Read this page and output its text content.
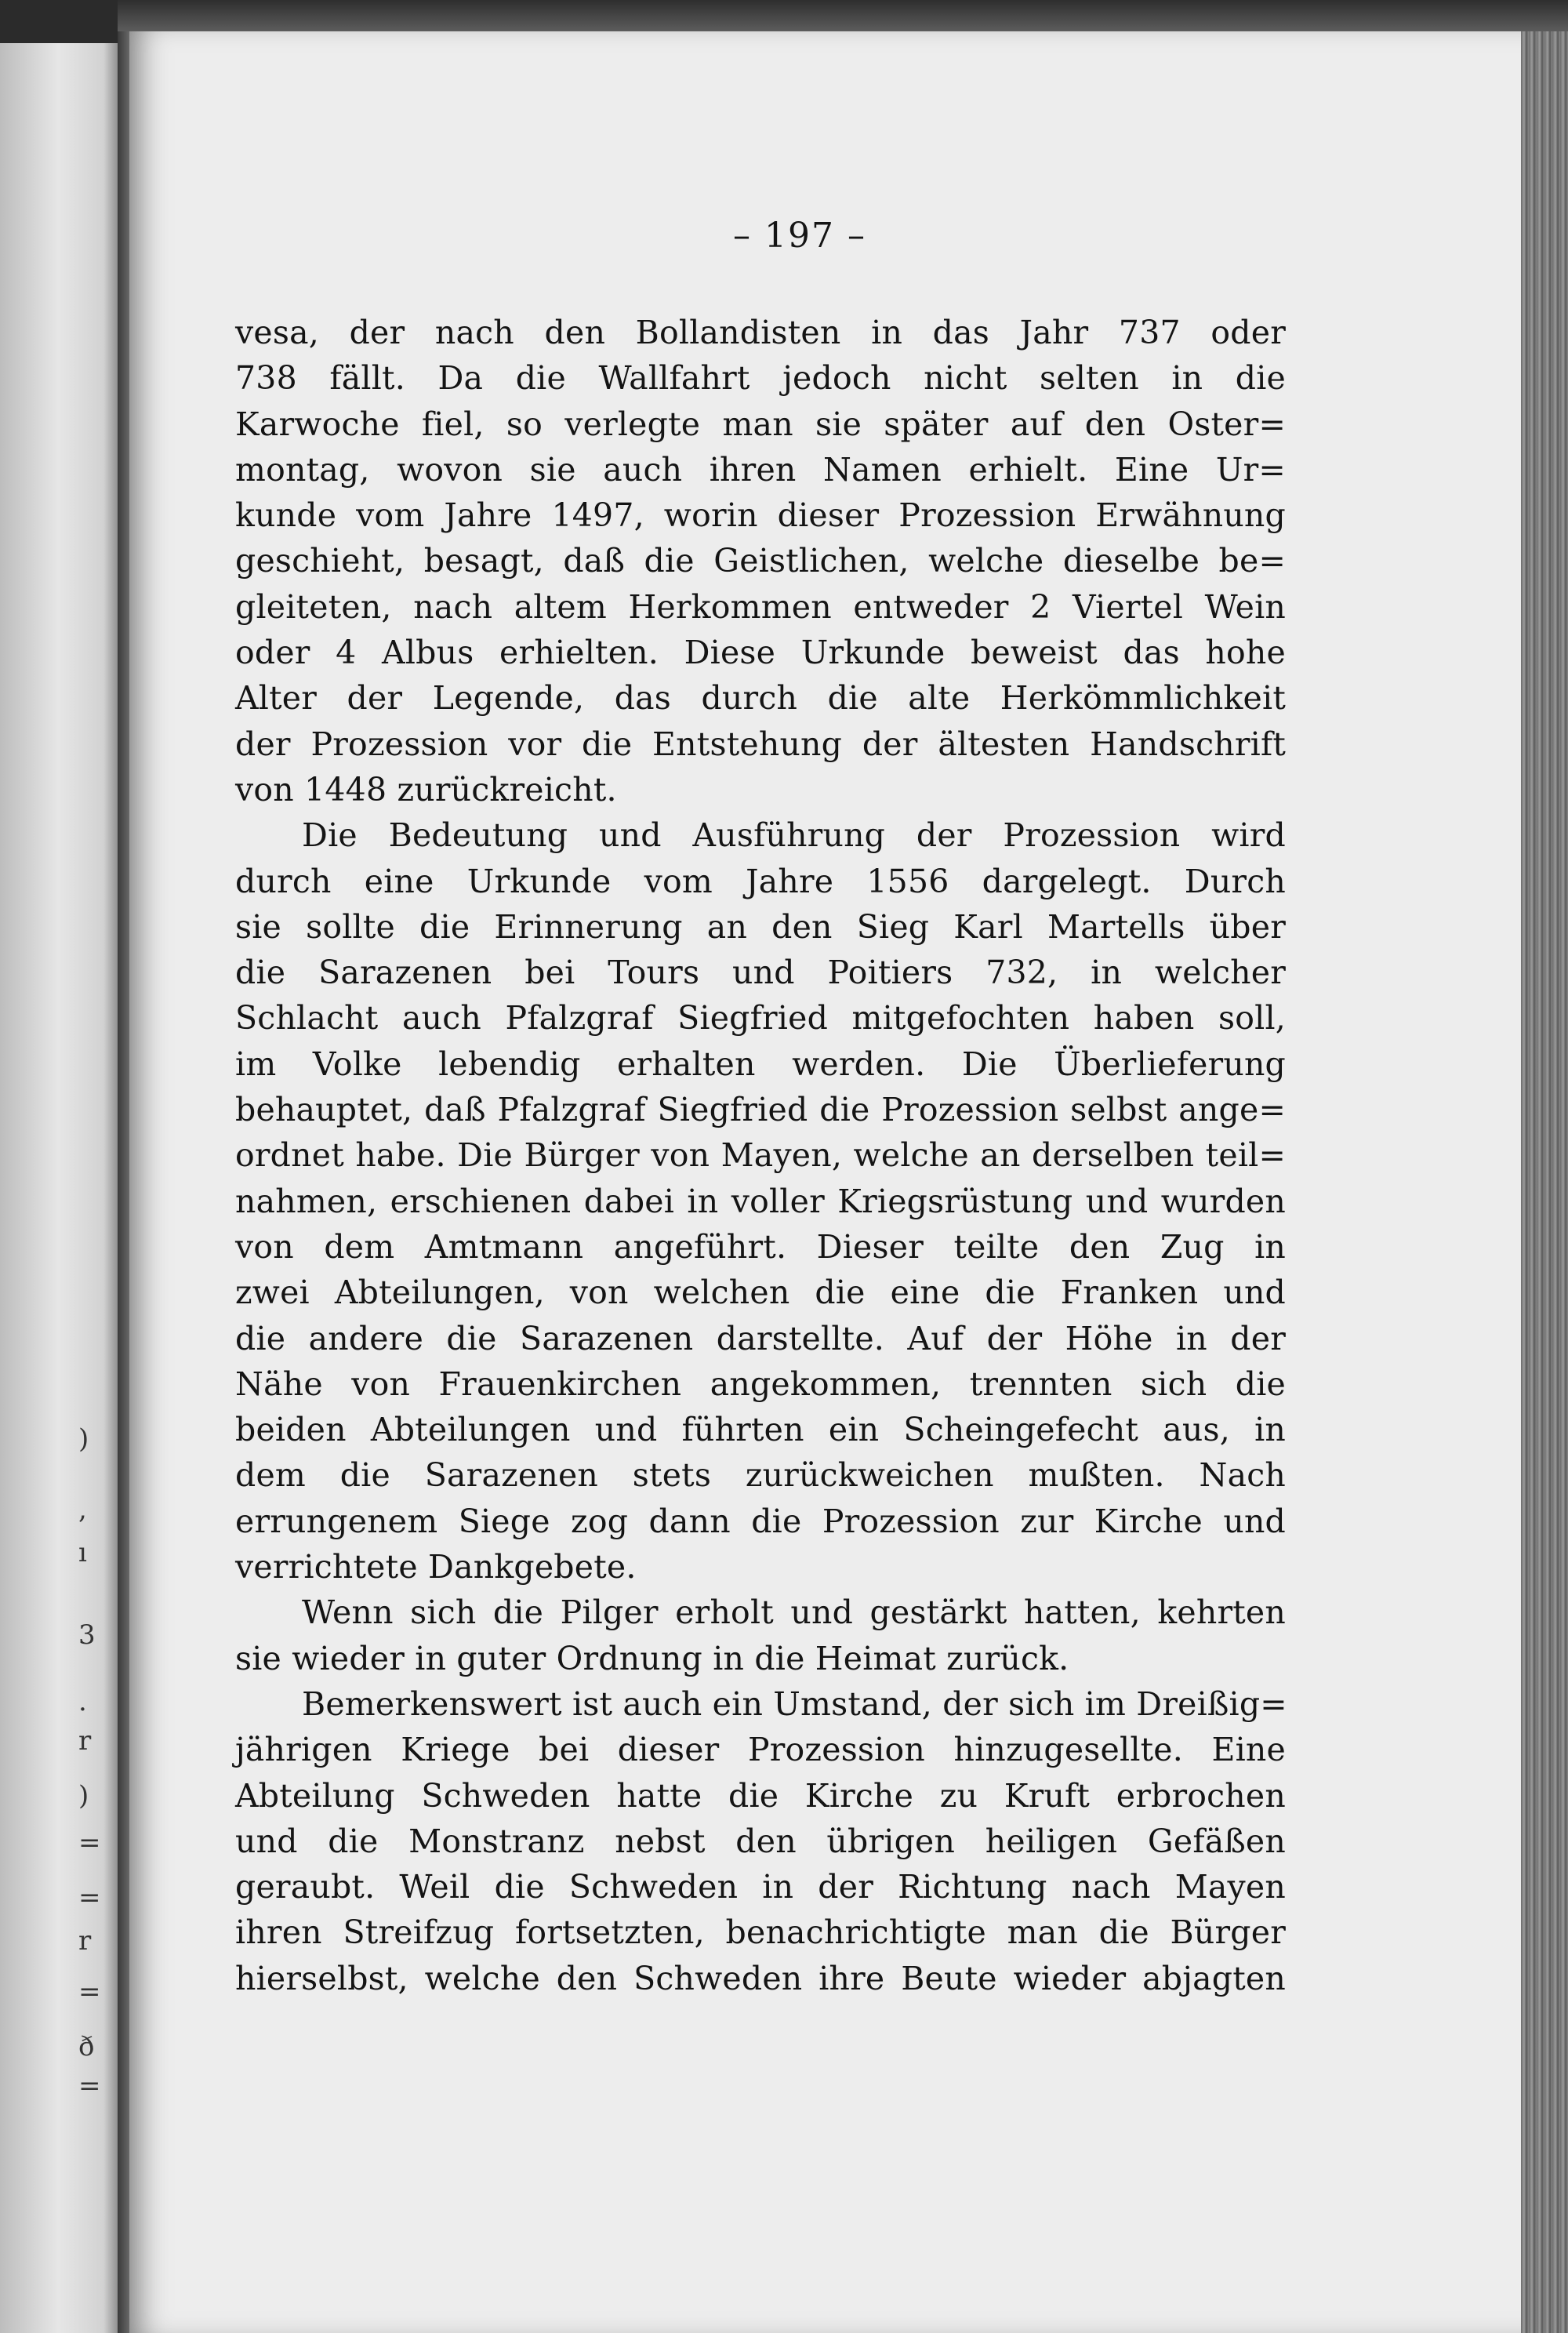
)
,
ı
3
.
r
)
=
=
r
=
ð
=
– 197 –
vesa, der nach den Bollandisten in das Jahr 737 oder
738 fällt. Da die Wallfahrt jedoch nicht selten in die
Karwoche fiel, so verlegte man sie später auf den Oster=
montag, wovon sie auch ihren Namen erhielt. Eine Ur=
kunde vom Jahre 1497, worin dieser Prozession Erwähnung
geschieht, besagt, daß die Geistlichen, welche dieselbe be=
gleiteten, nach altem Herkommen entweder 2 Viertel Wein
oder 4 Albus erhielten. Diese Urkunde beweist das hohe
Alter der Legende, das durch die alte Herkömmlichkeit
der Prozession vor die Entstehung der ältesten Handschrift
von 1448 zurückreicht.
Die Bedeutung und Ausführung der Prozession wird
durch eine Urkunde vom Jahre 1556 dargelegt. Durch
sie sollte die Erinnerung an den Sieg Karl Martells über
die Sarazenen bei Tours und Poitiers 732, in welcher
Schlacht auch Pfalzgraf Siegfried mitgefochten haben soll,
im Volke lebendig erhalten werden. Die Überlieferung
behauptet, daß Pfalzgraf Siegfried die Prozession selbst ange=
ordnet habe. Die Bürger von Mayen, welche an derselben teil=
nahmen, erschienen dabei in voller Kriegsrüstung und wurden
von dem Amtmann angeführt. Dieser teilte den Zug in
zwei Abteilungen, von welchen die eine die Franken und
die andere die Sarazenen darstellte. Auf der Höhe in der
Nähe von Frauenkirchen angekommen, trennten sich die
beiden Abteilungen und führten ein Scheingefecht aus, in
dem die Sarazenen stets zurückweichen mußten. Nach
errungenem Siege zog dann die Prozession zur Kirche und
verrichtete Dankgebete.
Wenn sich die Pilger erholt und gestärkt hatten, kehrten
sie wieder in guter Ordnung in die Heimat zurück.
Bemerkenswert ist auch ein Umstand, der sich im Dreißig=
jährigen Kriege bei dieser Prozession hinzugesellte. Eine
Abteilung Schweden hatte die Kirche zu Kruft erbrochen
und die Monstranz nebst den übrigen heiligen Gefäßen
geraubt. Weil die Schweden in der Richtung nach Mayen
ihren Streifzug fortsetzten, benachrichtigte man die Bürger
hierselbst, welche den Schweden ihre Beute wieder abjagten
